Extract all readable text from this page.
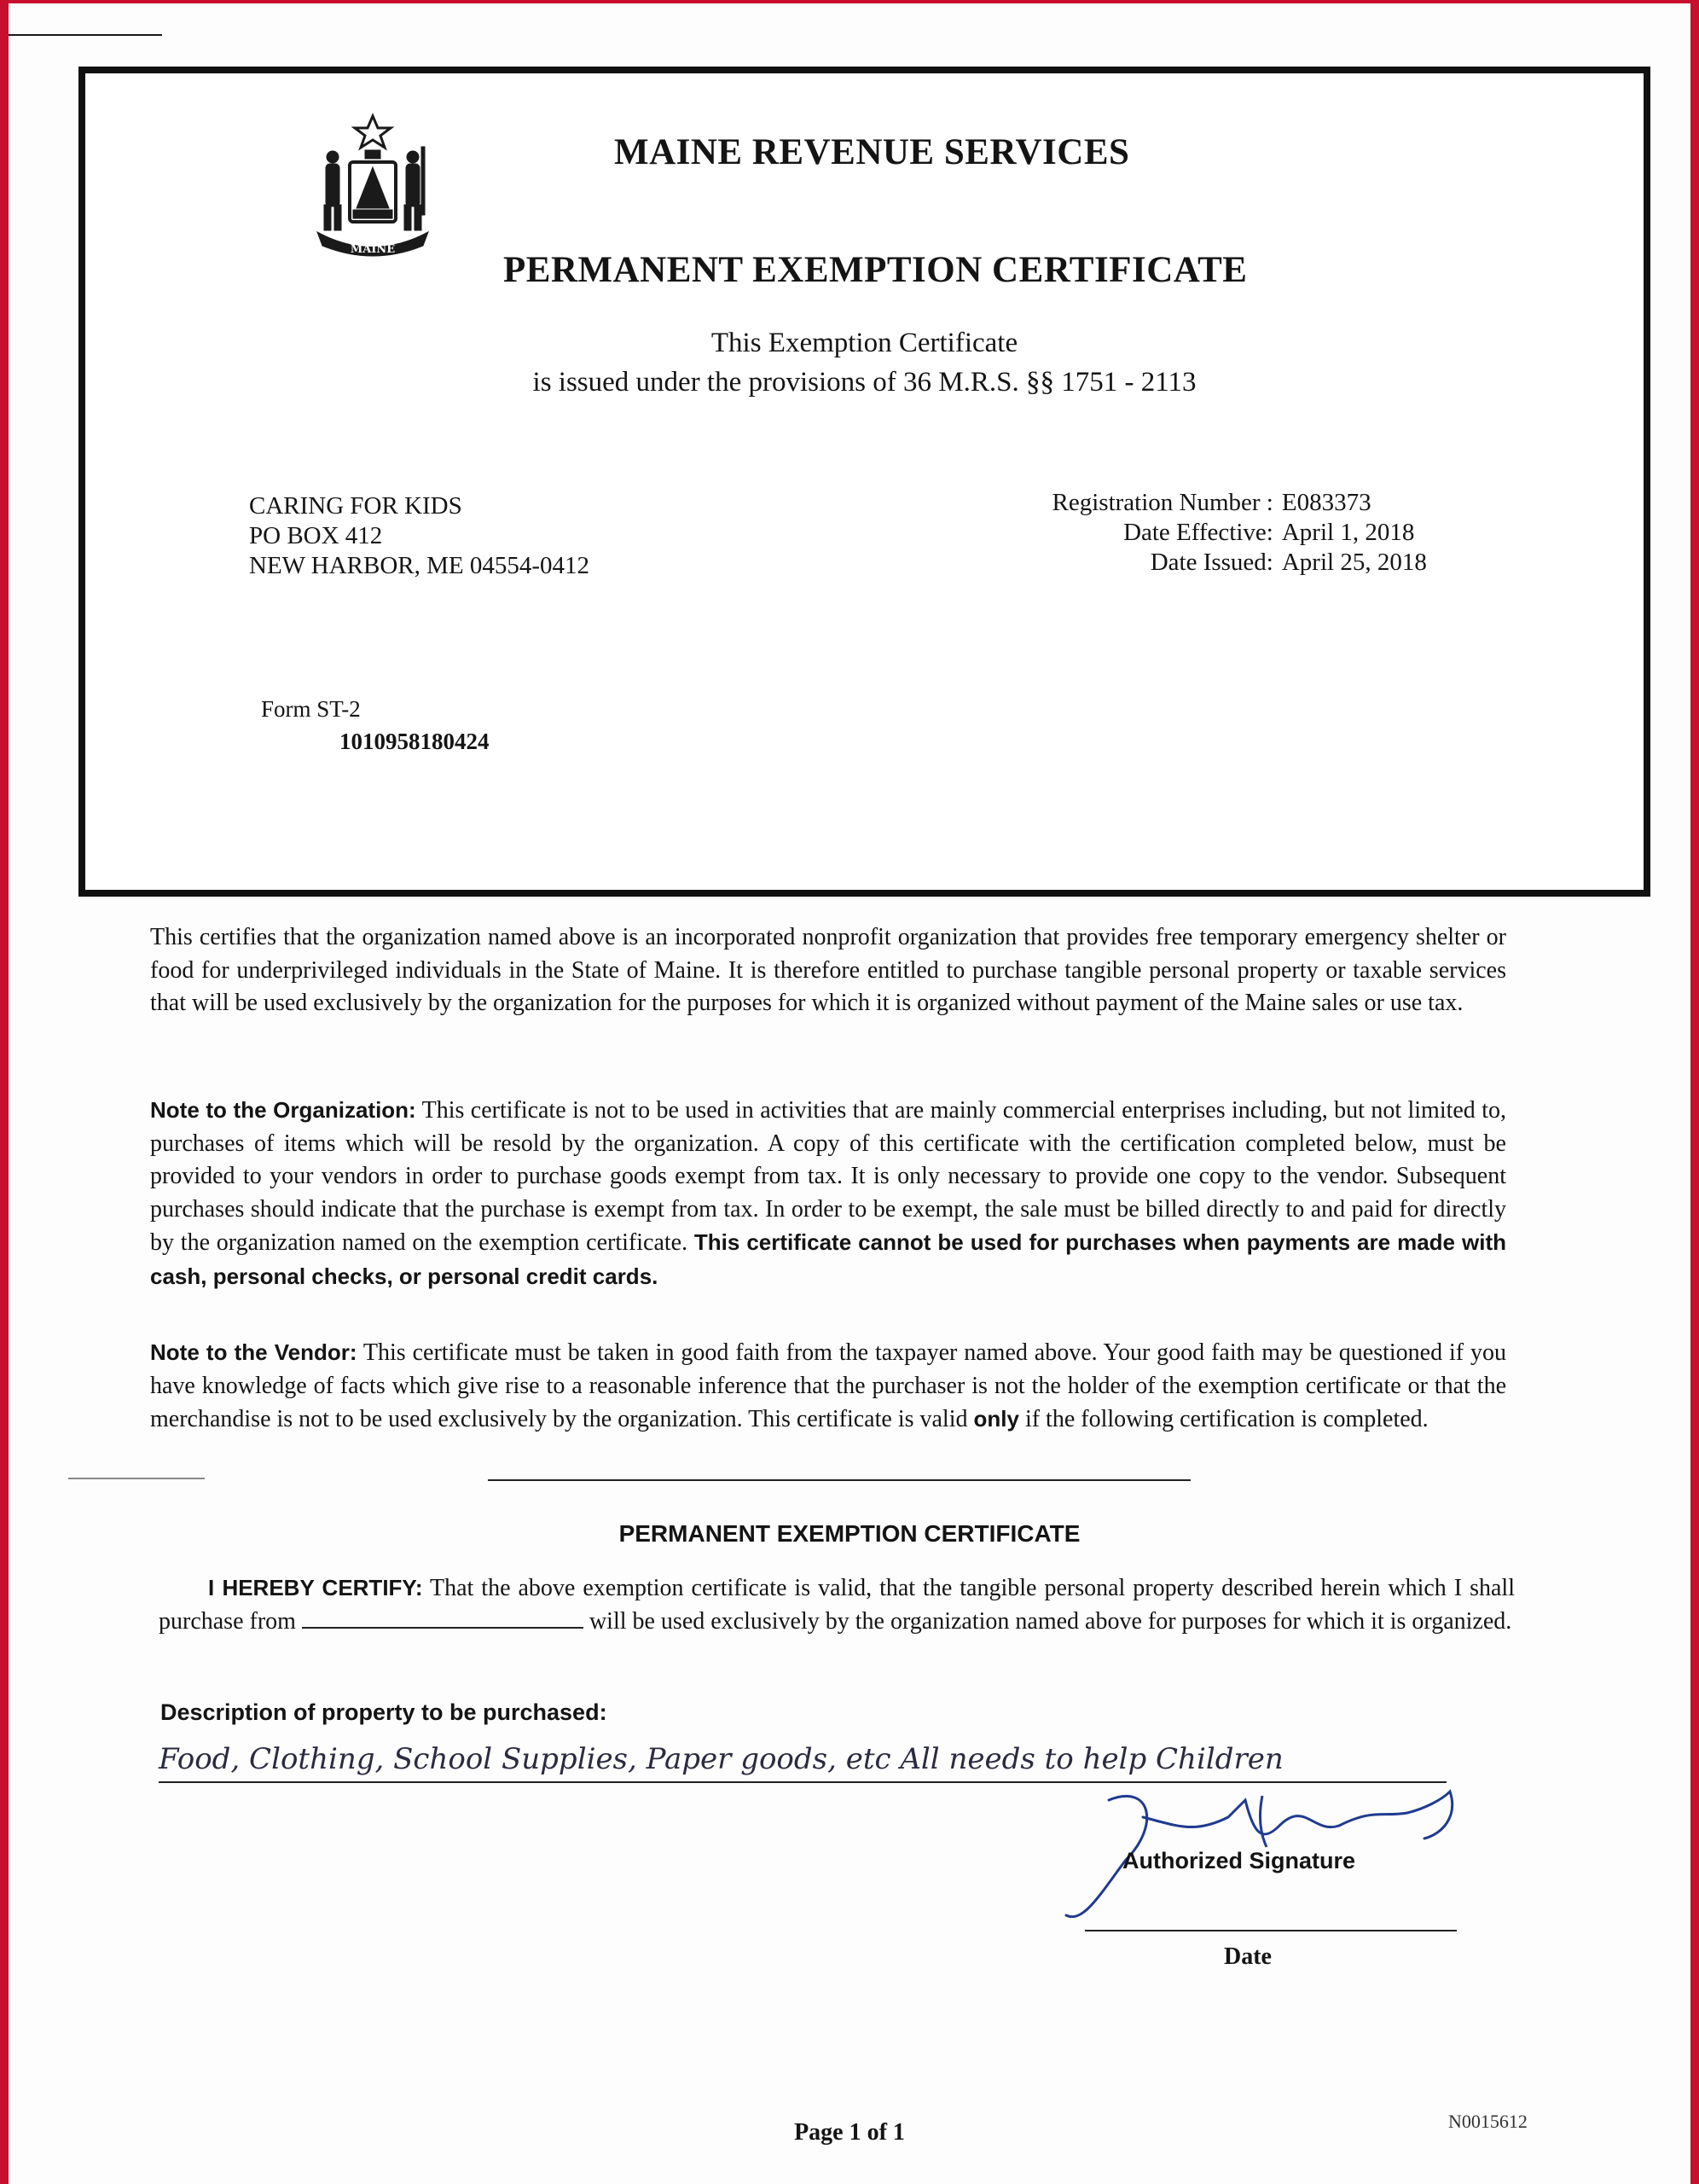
MAINE
MAINE REVENUE SERVICES
PERMANENT EXEMPTION CERTIFICATE
This Exemption Certificate
is issued under the provisions of 36 M.R.S. §§ 1751 - 2113
CARING FOR KIDS
PO BOX 412
NEW HARBOR, ME 04554-0412
Registration Number : E083373
Date Effective: April 1, 2018
Date Issued: April 25, 2018
Form ST-2
1010958180424
This certifies that the organization named above is an incorporated nonprofit organization that provides free temporary emergency shelter or food for underprivileged individuals in the State of Maine. It is therefore entitled to purchase tangible personal property or taxable services that will be used exclusively by the organization for the purposes for which it is organized without payment of the Maine sales or use tax.
Note to the Organization: This certificate is not to be used in activities that are mainly commercial enterprises including, but not limited to, purchases of items which will be resold by the organization. A copy of this certificate with the certification completed below, must be provided to your vendors in order to purchase goods exempt from tax. It is only necessary to provide one copy to the vendor. Subsequent purchases should indicate that the purchase is exempt from tax. In order to be exempt, the sale must be billed directly to and paid for directly by the organization named on the exemption certificate. This certificate cannot be used for purchases when payments are made with cash, personal checks, or personal credit cards.
Note to the Vendor: This certificate must be taken in good faith from the taxpayer named above. Your good faith may be questioned if you have knowledge of facts which give rise to a reasonable inference that the purchaser is not the holder of the exemption certificate or that the merchandise is not to be used exclusively by the organization. This certificate is valid only if the following certification is completed.
PERMANENT EXEMPTION CERTIFICATE
I HEREBY CERTIFY: That the above exemption certificate is valid, that the tangible personal property described herein which I shall purchase from	will be used exclusively by the organization named above for purposes for which it is organized.
Description of property to be purchased:
Food, Clothing, School Supplies, Paper goods, etc All needs to help Children
Authorized Signature
Date
Page 1 of 1	N0015612
